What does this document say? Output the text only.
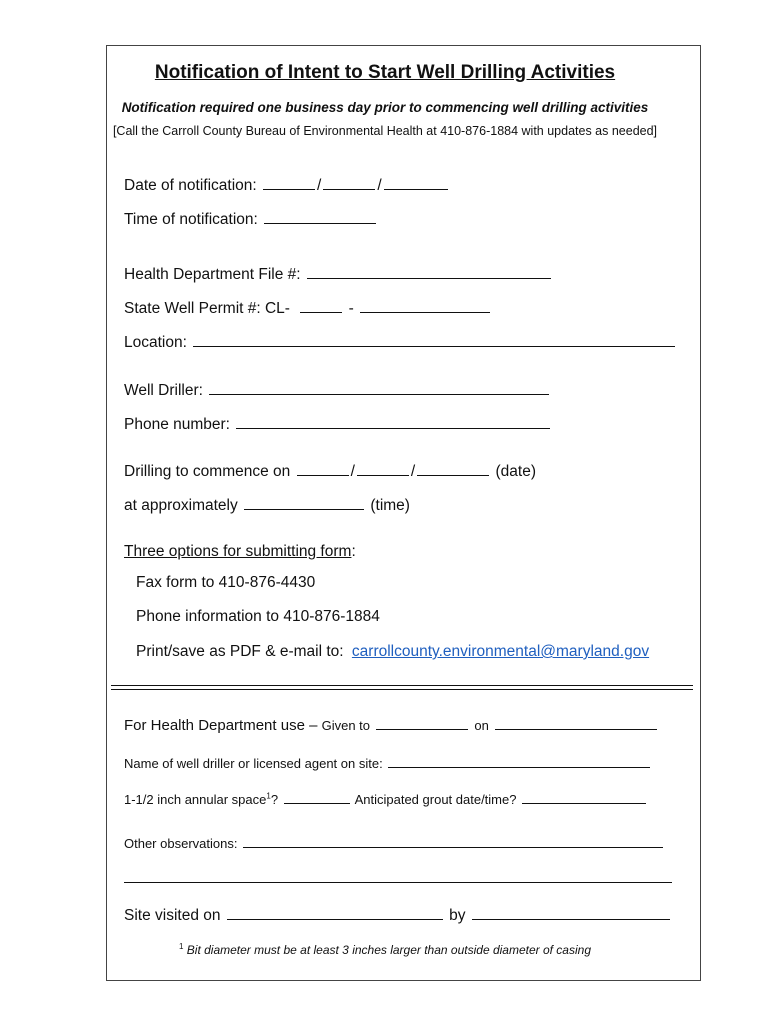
Notification of Intent to Start Well Drilling Activities
Notification required one business day prior to commencing well drilling activities
[Call the Carroll County Bureau of Environmental Health at 410-876-1884 with updates as needed]
Date of notification:	/	/
Time of notification:
Health Department File #:
State Well Permit #: CL-	-
Location:
Well Driller:
Phone number:
Drilling to commence on	/	/	(date)
at approximately	(time)
Three options for submitting form:
Fax form to 410-876-4430
Phone information to 410-876-1884
Print/save as PDF & e-mail to: carrollcounty.environmental@maryland.gov
For Health Department use – Given to	on
Name of well driller or licensed agent on site:
1-1/2 inch annular space$^1$?	Anticipated grout date/time?
Other observations:
Site visited on	by
$^1$ Bit diameter must be at least 3 inches larger than outside diameter of casing
